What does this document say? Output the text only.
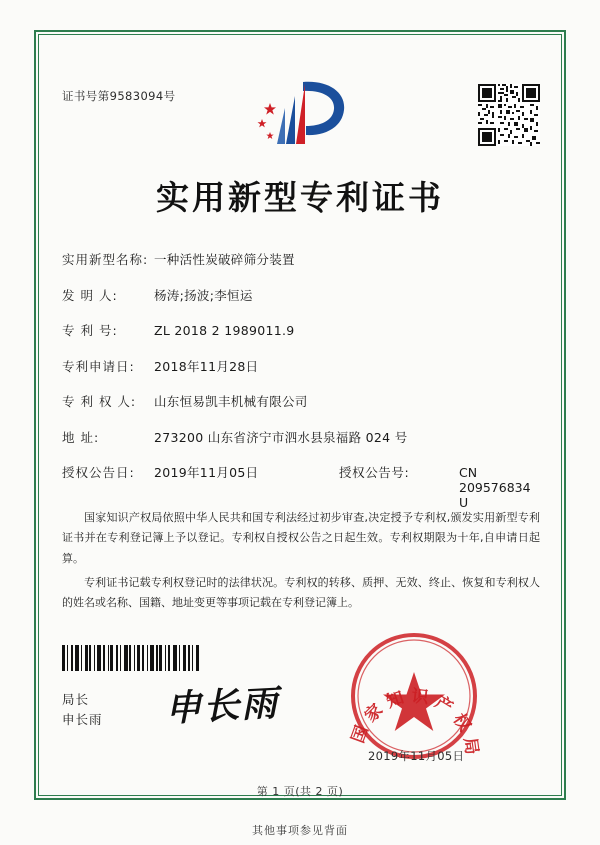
证书号第9583094号
实用新型专利证书
实用新型名称: 一种活性炭破碎筛分装置
发 明 人:	杨涛;扬波;李恒运
专 利 号:	ZL 2018 2 1989011.9
专利申请日:	2018年11月28日
专 利 权 人:	山东恒易凯丰机械有限公司
地 址:	273200 山东省济宁市泗水县泉福路 024 号
授权公告日:	2019年11月05日	授权公告号:	CN 209576834 U

国家知识产权局依照中华人民共和国专利法经过初步审查,决定授予专利权,颁发实用新型专利证书并在专利登记簿上予以登记。专利权自授权公告之日起生效。专利权期限为十年,自申请日起算。

专利证书记载专利权登记时的法律状况。专利权的转移、质押、无效、终止、恢复和专利权人的姓名或名称、国籍、地址变更等事项记载在专利登记簿上。

国 家 知 识 产 权 局
局长
申长雨 申长雨
2019年11月05日
第 1 页(共 2 页)
其他事项参见背面
